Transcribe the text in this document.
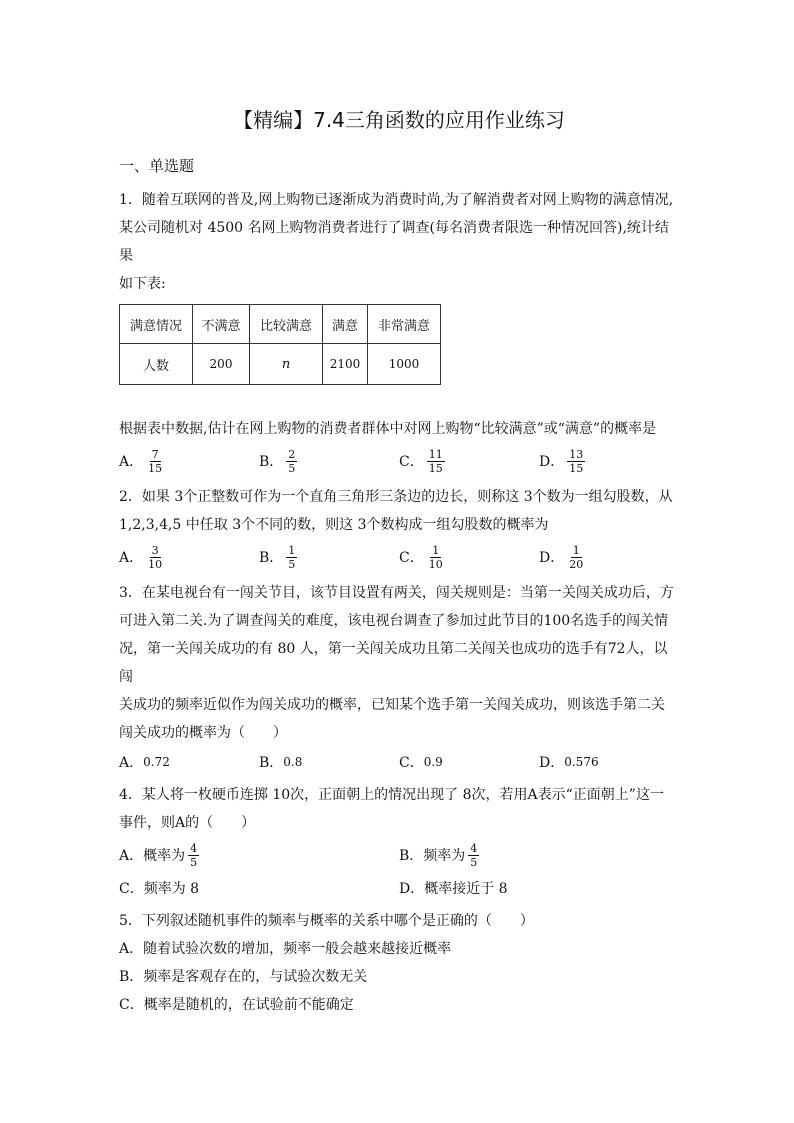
【精编】7.4三角函数的应用作业练习
一、单选题

1．随着互联网的普及,网上购物已逐渐成为消费时尚,为了解消费者对网上购物的满意情况,

某公司随机对 4500 名网上购物消费者进行了调查(每名消费者限选一种情况回答),统计结果

如下表:

满意情况	不满意	比较满意	满意	非常满意
人数	200	n	2100	1000

根据表中数据,估计在网上购物的消费者群体中对网上购物“比较满意”或“满意”的概率是

A． $\frac{7}{15}$	B． $\frac{2}{5}$	C． $\frac{11}{15}$	D． $\frac{13}{15}$

2．如果 3个正整数可作为一个直角三角形三条边的边长，则称这 3个数为一组勾股数，从

1,2,3,4,5 中任取 3个不同的数，则这 3个数构成一组勾股数的概率为

A． $\frac{3}{10}$	B． $\frac{1}{5}$	C． $\frac{1}{10}$	D． $\frac{1}{20}$

3．在某电视台有一闯关节目，该节目设置有两关，闯关规则是：当第一关闯关成功后，方

可进入第二关.为了调查闯关的难度，该电视台调查了参加过此节目的100名选手的闯关情

况，第一关闯关成功的有 80 人，第一关闯关成功且第二关闯关也成功的选手有72人，以闯

关成功的频率近似作为闯关成功的概率，已知某个选手第一关闯关成功，则该选手第二关

闯关成功的概率为（　　）

A． 0.72	B． 0.8	C． 0.9	D． 0.576

4．某人将一枚硬币连掷 10次，正面朝上的情况出现了 8次，若用A表示“正面朝上”这一

事件，则A的（　　）

A． 概率为 $\frac{4}{5}$	B． 频率为 $\frac{4}{5}$
C． 频率为 8	D． 概率接近于 8

5．下列叙述随机事件的频率与概率的关系中哪个是正确的（　　）

A．随着试验次数的增加，频率一般会越来越接近概率

B．频率是客观存在的，与试验次数无关

C．概率是随机的，在试验前不能确定
